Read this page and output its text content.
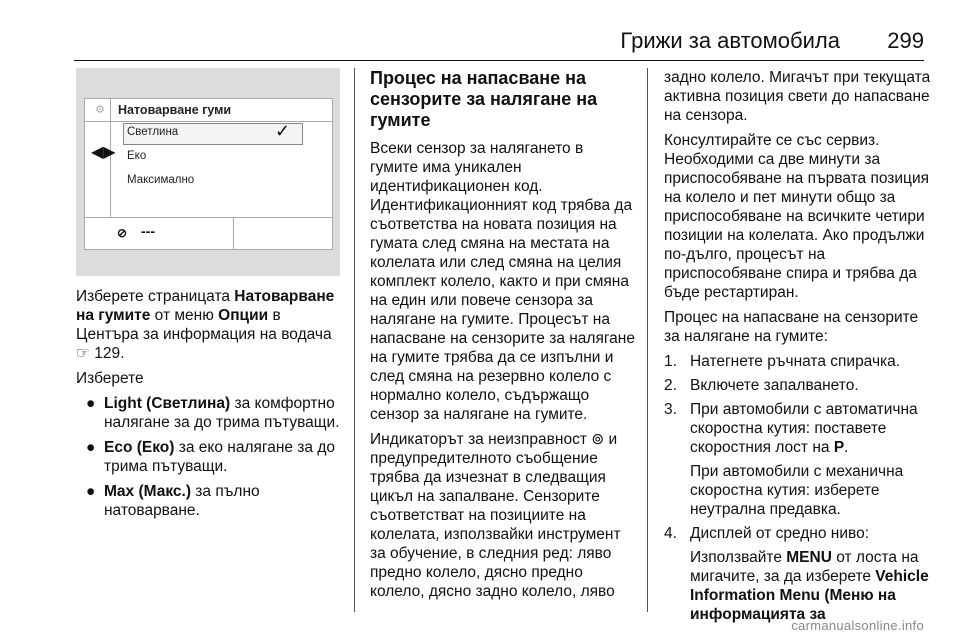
Грижи за автомобила 299
⚙ Натоварване гуми
◀▶
Светлина	✓
Еко
Максимално
⊘ ---

Изберете страницата Натоварване на гумите от меню Опции в Центъра за информация на водача
☞ 129.

Изберете

● Light (Светлина) за комфортно налягане за до трима пътуващи.
● Eco (Еко) за еко налягане за до трима пътуващи.
● Max (Макс.) за пълно натоварване.
Процес на напасване на сензорите за налягане на гумите

Всеки сензор за налягането в гумите има уникален идентификационен код. Идентификационният код трябва да съответства на новата позиция на гумата след смяна на местата на колелата или след смяна на целия комплект колело, както и при смяна на един или повече сензора за налягане на гумите. Процесът на напасване на сензорите за налягане на гумите трябва да се изпълни и след смяна на резервно колело с нормално колело, съдържащо сензор за налягане на гумите.

Индикаторът за неизправност ⊚ и предупредителното съобщение трябва да изчезнат в следващия цикъл на запалване. Сензорите съответстват на позициите на колелата, използвайки инструмент за обучение, в следния ред: ляво предно колело, дясно предно колело, дясно задно колело, ляво

задно колело. Мигачът при текущата активна позиция свети до напасване на сензора.

Консултирайте се със сервиз. Необходими са две минути за приспособяване на първата позиция на колело и пет минути общо за приспособяване на всичките четири позиции на колелата. Ако продължи по-дълго, процесът на приспособяване спира и трябва да бъде рестартиран.

Процес на напасване на сензорите за налягане на гумите:

1. Натегнете ръчната спирачка.
2. Включете запалването.
3. При автомобили с автоматична скоростна кутия: поставете скоростния лост на P.
При автомобили с механична скоростна кутия: изберете неутрална предавка.
4. Дисплей от средно ниво:
Използвайте MENU от лоста на мигачите, за да изберете Vehicle Information Menu (Меню на информацията за
carmanualsonline.info
